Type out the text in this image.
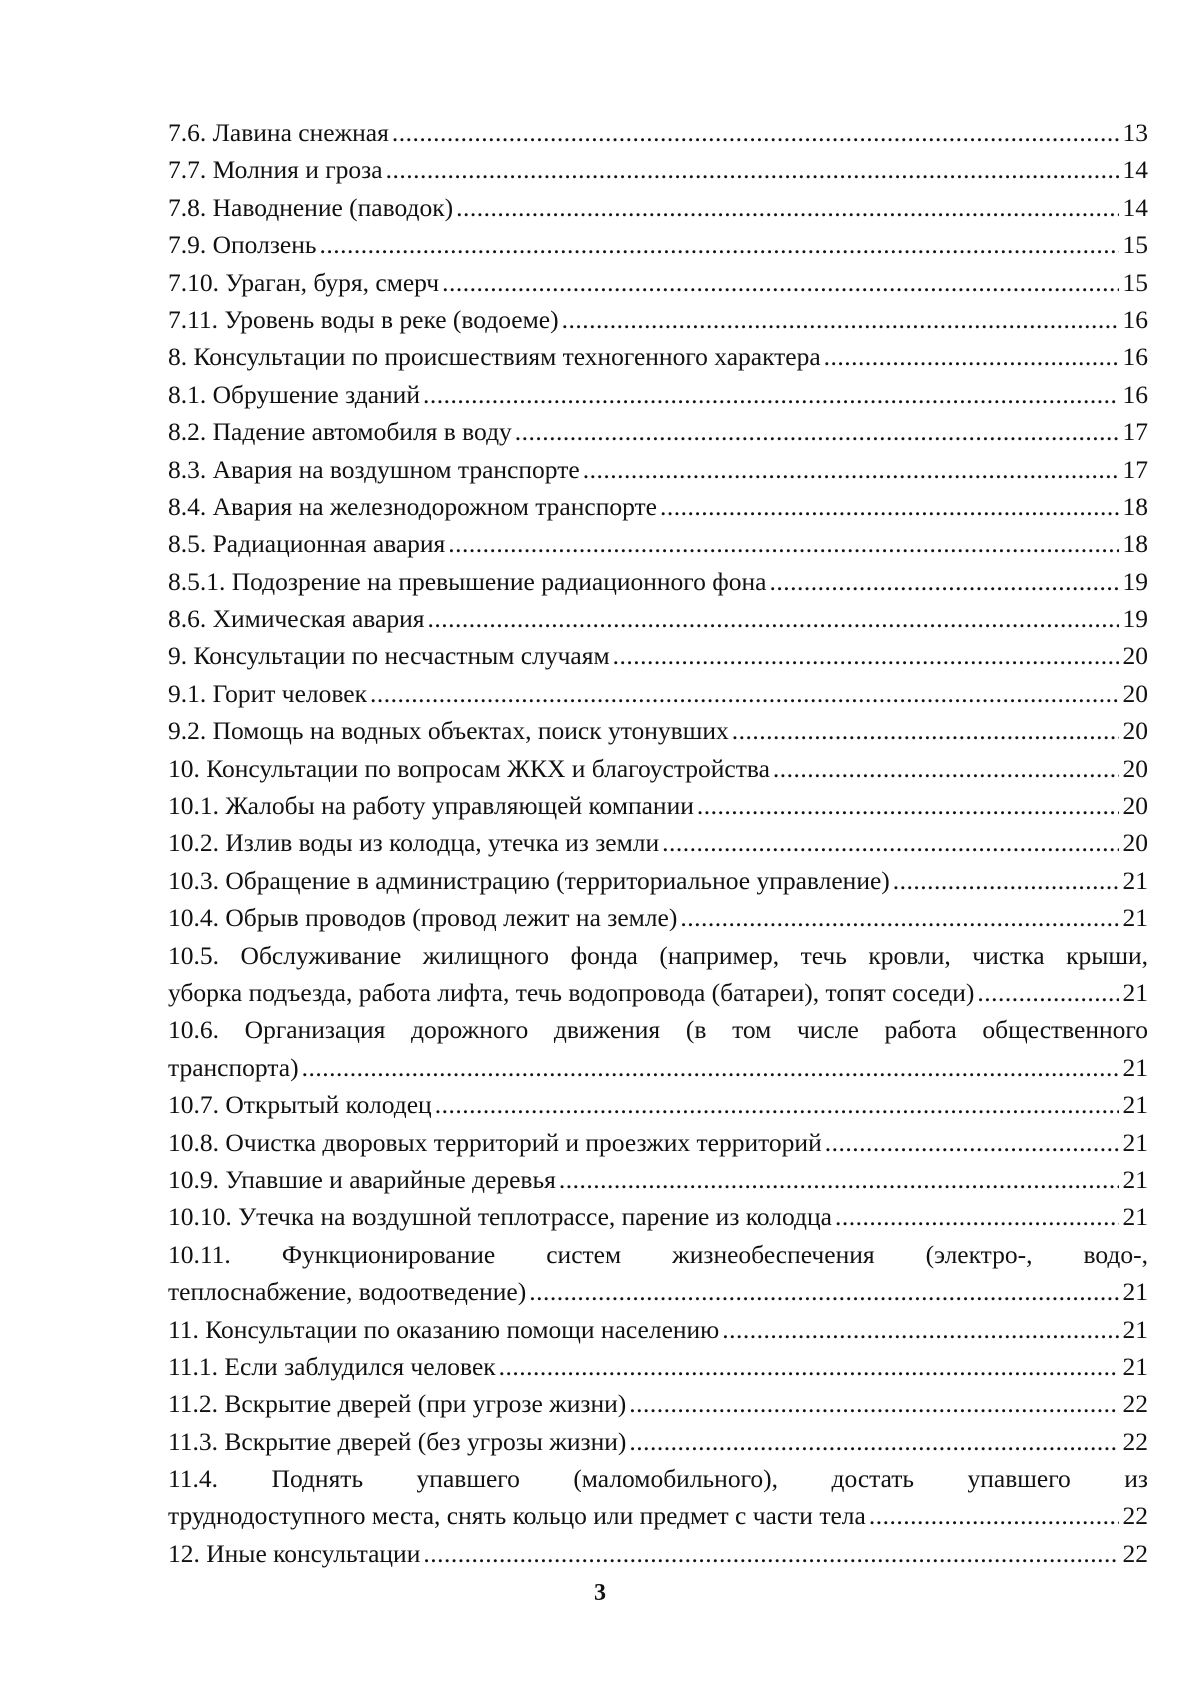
7.6. Лавина снежная .....	13
7.7. Молния и гроза .....	14
7.8. Наводнение (паводок) .....	14
7.9. Оползень .....	15
7.10. Ураган, буря, смерч .....	15
7.11. Уровень воды в реке (водоеме) .....	16
8. Консультации по происшествиям техногенного характера .....	16
8.1. Обрушение зданий .....	16
8.2. Падение автомобиля в воду .....	17
8.3. Авария на воздушном транспорте .....	17
8.4. Авария на железнодорожном транспорте .....	18
8.5. Радиационная авария .....	18
8.5.1. Подозрение на превышение радиационного фона .....	19
8.6. Химическая авария .....	19
9. Консультации по несчастным случаям .....	20
9.1. Горит человек .....	20
9.2. Помощь на водных объектах, поиск утонувших .....	20
10. Консультации по вопросам ЖКХ и благоустройства .....	20
10.1. Жалобы на работу управляющей компании .....	20
10.2. Излив воды из колодца, утечка из земли .....	20
10.3. Обращение в администрацию (территориальное управление) .....	21
10.4. Обрыв проводов (провод лежит на земле) .....	21
10.5. Обслуживание жилищного фонда (например, течь кровли, чистка крыши,
уборка подъезда, работа лифта, течь водопровода (батареи), топят соседи) .....	21
10.6. Организация дорожного движения (в том числе работа общественного
транспорта) .....	21
10.7. Открытый колодец .....	21
10.8. Очистка дворовых территорий и проезжих территорий .....	21
10.9. Упавшие и аварийные деревья .....	21
10.10. Утечка на воздушной теплотрассе, парение из колодца .....	21
10.11. Функционирование систем жизнеобеспечения (электро-, водо-,
теплоснабжение, водоотведение) .....	21
11. Консультации по оказанию помощи населению .....	21
11.1. Если заблудился человек .....	21
11.2. Вскрытие дверей (при угрозе жизни) .....	22
11.3. Вскрытие дверей (без угрозы жизни) .....	22
11.4. Поднять упавшего (маломобильного), достать упавшего из
труднодоступного места, снять кольцо или предмет с части тела .....	22
12. Иные консультации .....	22
3
